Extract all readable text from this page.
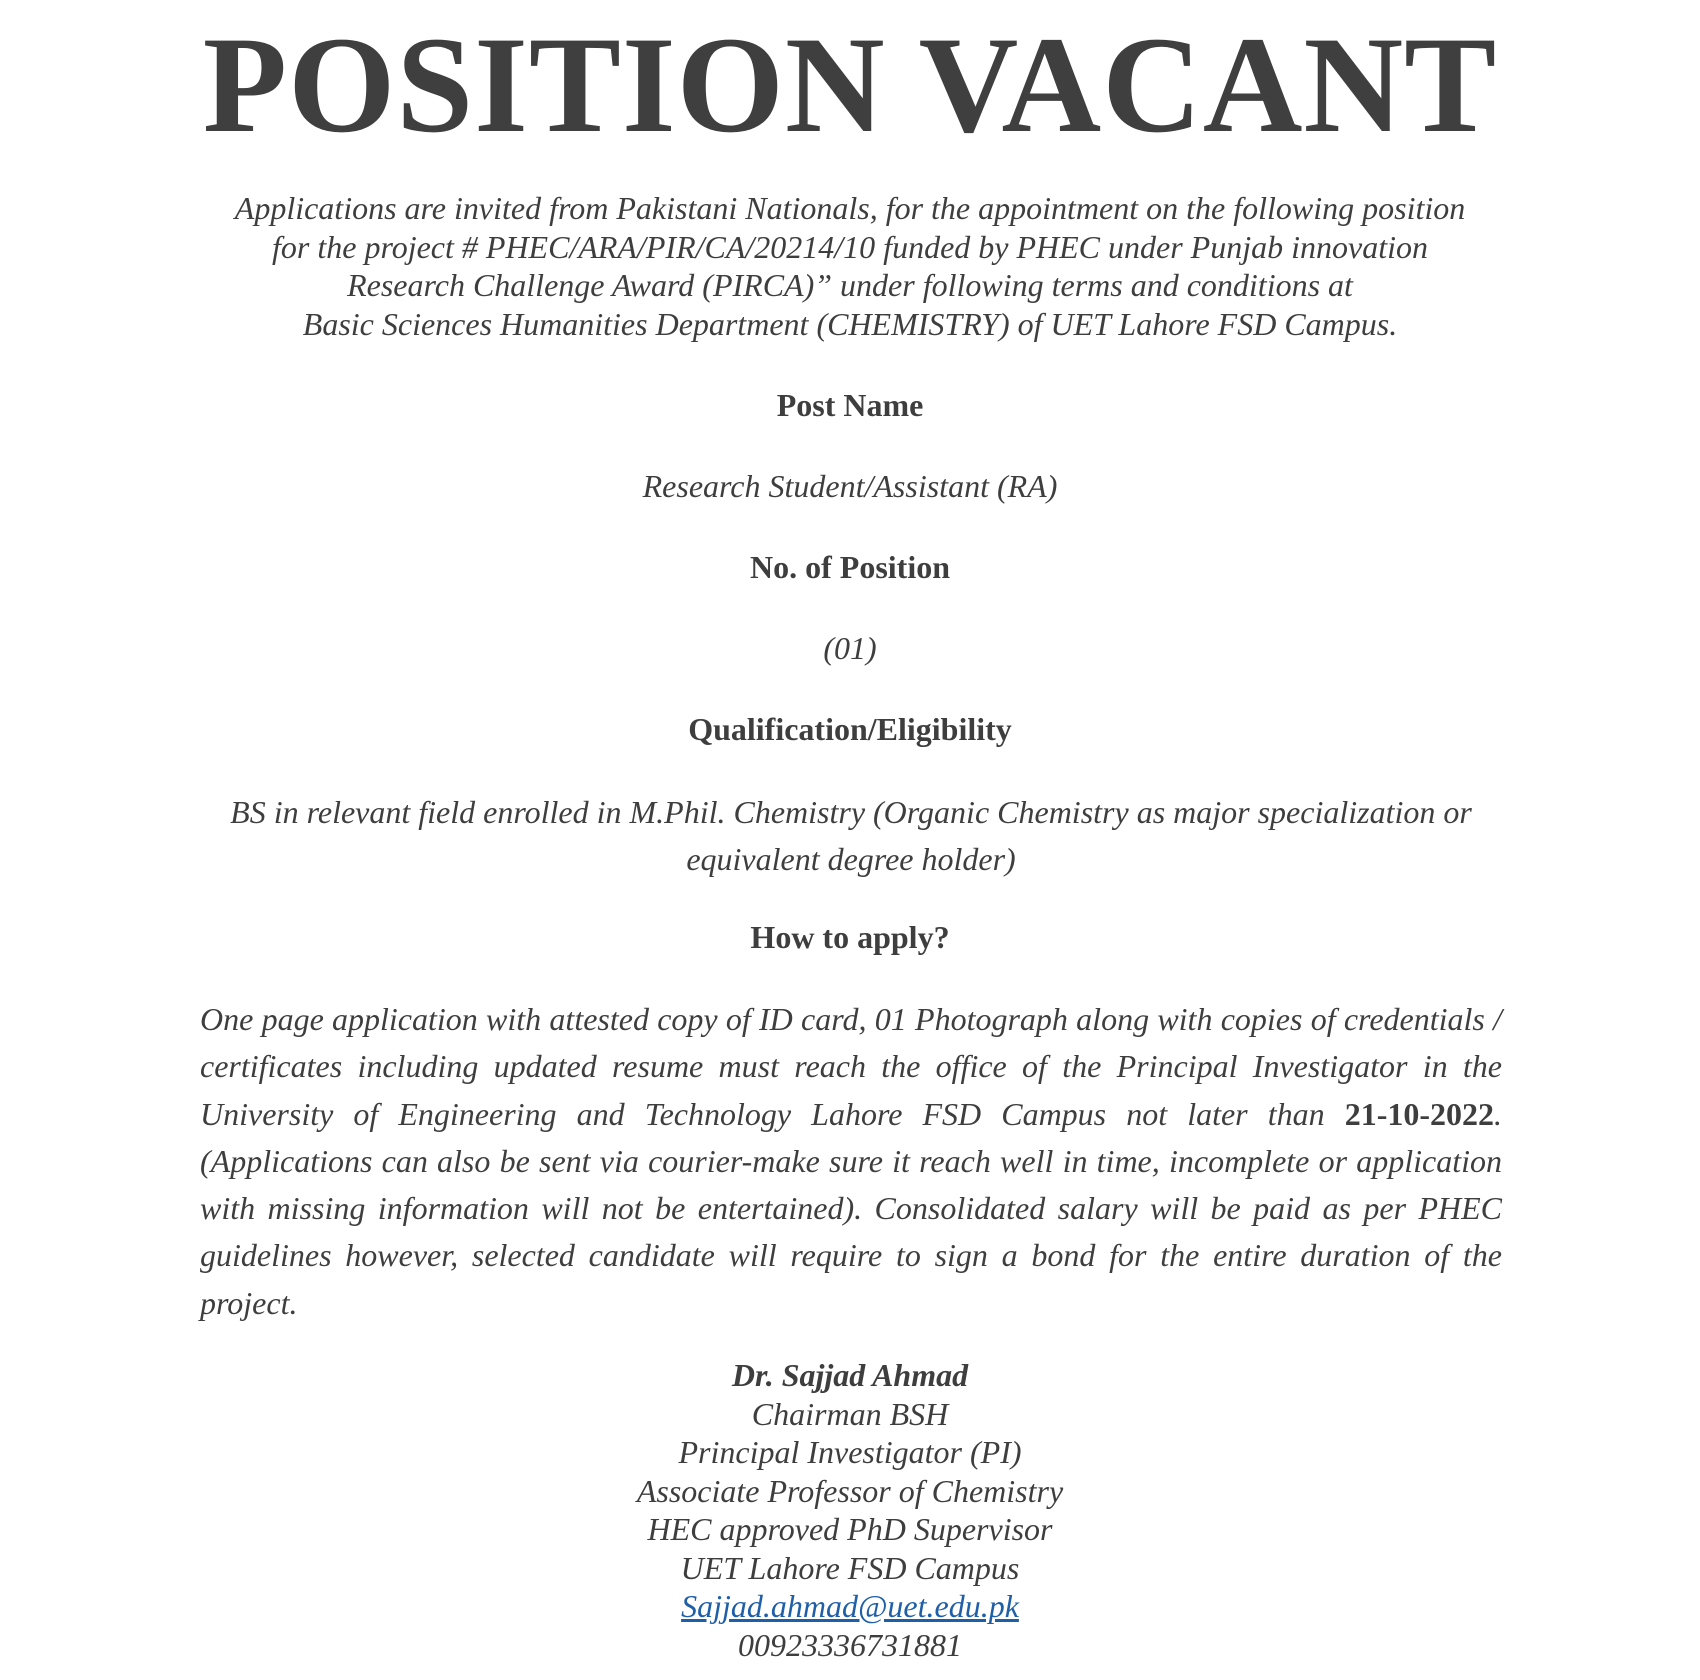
POSITION VACANT
Applications are invited from Pakistani Nationals, for the appointment on the following position
for the project # PHEC/ARA/PIR/CA/20214/10 funded by PHEC under Punjab innovation
Research Challenge Award (PIRCA)” under following terms and conditions at
Basic Sciences Humanities Department (CHEMISTRY) of UET Lahore FSD Campus.
Post Name
Research Student/Assistant (RA)
No. of Position
(01)
Qualification/Eligibility
BS in relevant field enrolled in M.Phil. Chemistry (Organic Chemistry as major specialization or equivalent degree holder)
How to apply?
One page application with attested copy of ID card, 01 Photograph along with copies of credentials / certificates including updated resume must reach the office of the Principal Investigator in the University of Engineering and Technology Lahore FSD Campus not later than 21-10-2022. (Applications can also be sent via courier-make sure it reach well in time, incomplete or application with missing information will not be entertained). Consolidated salary will be paid as per PHEC guidelines however, selected candidate will require to sign a bond for the entire duration of the project.
Dr. Sajjad Ahmad
Chairman BSH
Principal Investigator (PI)
Associate Professor of Chemistry
HEC approved PhD Supervisor
UET Lahore FSD Campus
Sajjad.ahmad@uet.edu.pk
00923336731881
